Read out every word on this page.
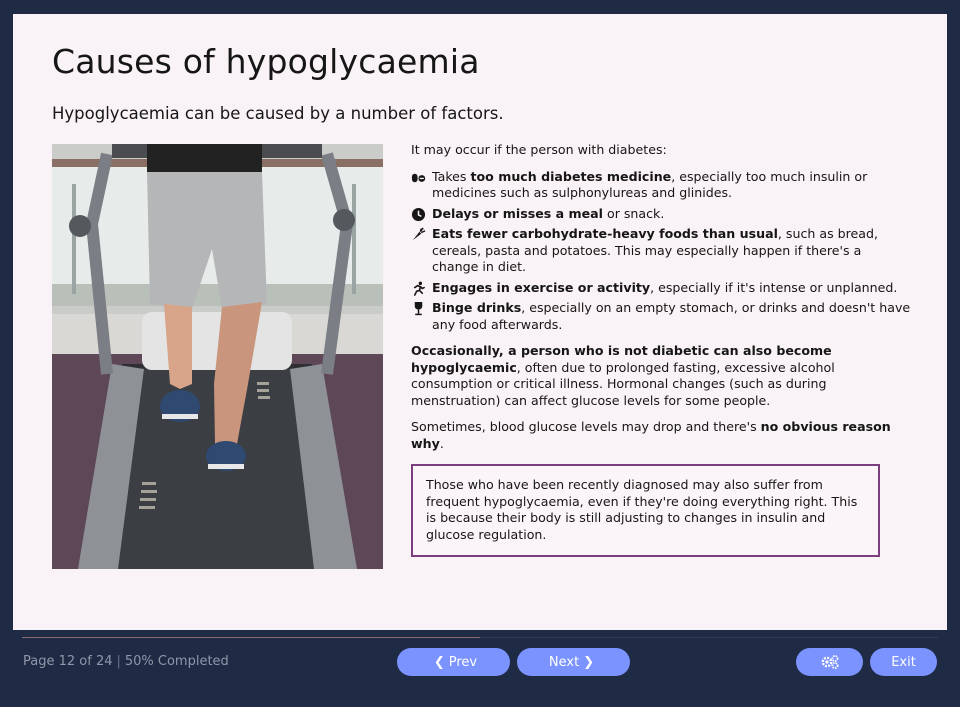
Causes of hypoglycaemia

Hypoglycaemia can be caused by a number of factors.

It may occur if the person with diabetes:

Takes too much diabetes medicine, especially too much insulin or medicines such as sulphonylureas and glinides.
Delays or misses a meal or snack.
Eats fewer carbohydrate-heavy foods than usual, such as bread, cereals, pasta and potatoes. This may especially happen if there's a change in diet.
Engages in exercise or activity, especially if it's intense or unplanned.
Binge drinks, especially on an empty stomach, or drinks and doesn't have any food afterwards.

Occasionally, a person who is not diabetic can also become hypoglycaemic, often due to prolonged fasting, excessive alcohol consumption or critical illness. Hormonal changes (such as during menstruation) can affect glucose levels for some people.

Sometimes, blood glucose levels may drop and there's no obvious reason why.

Those who have been recently diagnosed may also suffer from frequent hypoglycaemia, even if they're doing everything right. This is because their body is still adjusting to changes in insulin and glucose regulation.
Page 12 of 24 | 50% Completed	❮ Prev	Next ❯	Exit
